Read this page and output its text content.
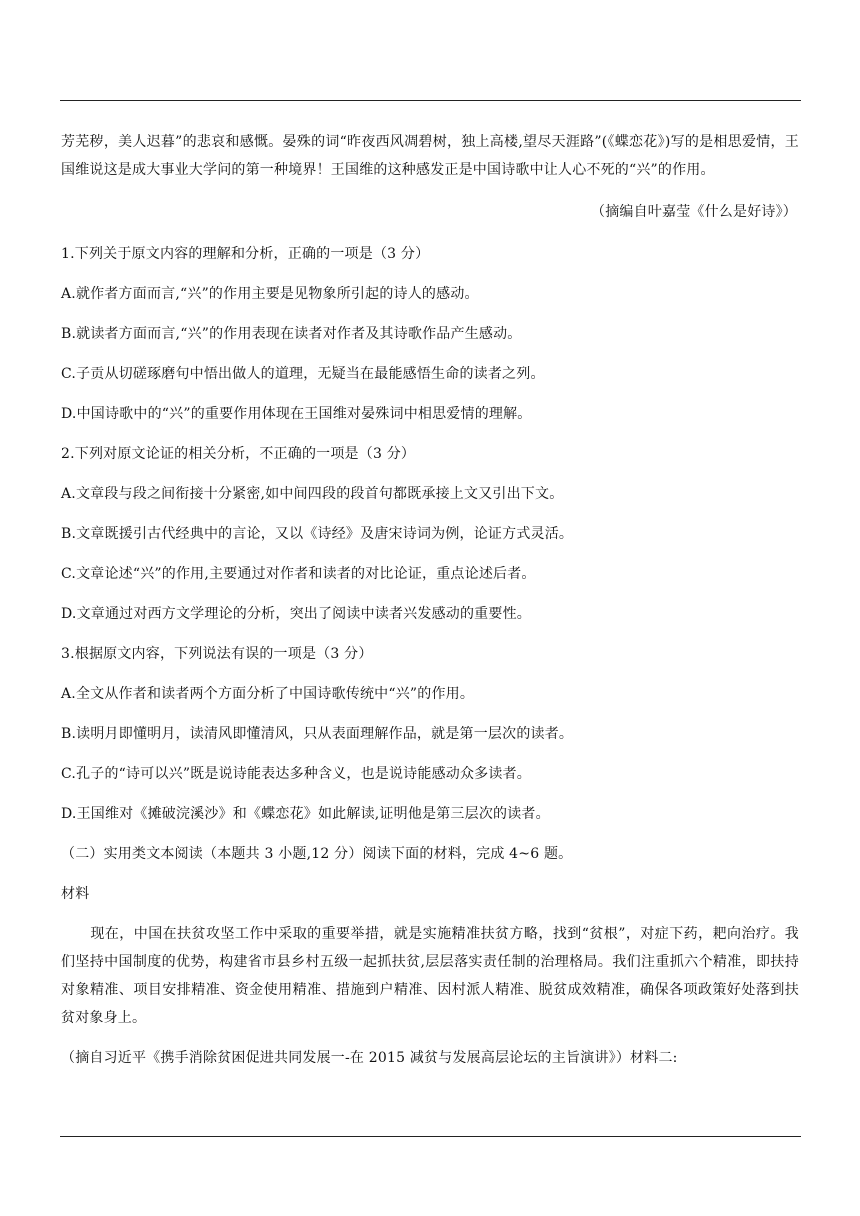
芳芜秽，美人迟暮”的悲哀和感慨。晏殊的词“昨夜西风凋碧树，独上高楼,望尽天涯路”(《蝶恋花》)写的是相思爱情，王国维说这是成大事业大学问的第一种境界！王国维的这种感发正是中国诗歌中让人心不死的“兴”的作用。

（摘编自叶嘉莹《什么是好诗》）

1.下列关于原文内容的理解和分析，正确的一项是（3 分）

A.就作者方面而言,“兴”的作用主要是见物象所引起的诗人的感动。

B.就读者方面而言,“兴”的作用表现在读者对作者及其诗歌作品产生感动。

C.子贡从切磋琢磨句中悟出做人的道理，无疑当在最能感悟生命的读者之列。

D.中国诗歌中的“兴”的重要作用体现在王国维对晏殊词中相思爱情的理解。

2.下列对原文论证的相关分析，不正确的一项是（3 分）

A.文章段与段之间衔接十分紧密,如中间四段的段首句都既承接上文又引出下文。

B.文章既援引古代经典中的言论，又以《诗经》及唐宋诗词为例，论证方式灵活。

C.文章论述“兴”的作用,主要通过对作者和读者的对比论证，重点论述后者。

D.文章通过对西方文学理论的分析，突出了阅读中读者兴发感动的重要性。

3.根据原文内容，下列说法有误的一项是（3 分）

A.全文从作者和读者两个方面分析了中国诗歌传统中“兴”的作用。

B.读明月即懂明月，读清风即懂清风，只从表面理解作品，就是第一层次的读者。

C.孔子的“诗可以兴”既是说诗能表达多种含义，也是说诗能感动众多读者。

D.王国维对《摊破浣溪沙》和《蝶恋花》如此解读,证明他是第三层次的读者。

（二）实用类文本阅读（本题共 3 小题,12 分）阅读下面的材料，完成 4~6 题。

材料

现在，中国在扶贫攻坚工作中采取的重要举措，就是实施精准扶贫方略，找到“贫根”，对症下药，耙向治疗。我们坚持中国制度的优势，构建省市县乡村五级一起抓扶贫,层层落实责任制的治理格局。我们注重抓六个精准，即扶持对象精准、项目安排精准、资金使用精准、措施到户精准、因村派人精准、脱贫成效精准，确保各项政策好处落到扶贫对象身上。

（摘自习近平《携手消除贫困促进共同发展一-在 2015 减贫与发展高层论坛的主旨演讲》）材料二:
